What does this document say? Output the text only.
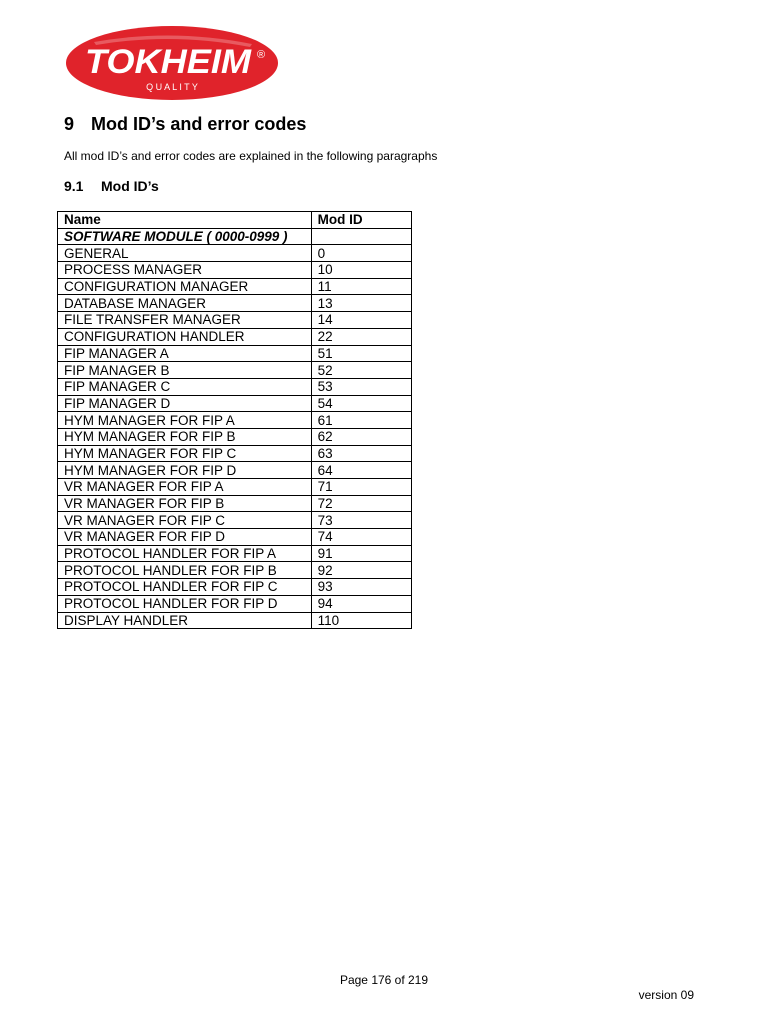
TOKHEIM ®
Q U A L I T Y
9 Mod ID’s and error codes

All mod ID’s and error codes are explained in the following paragraphs

9.1 Mod ID’s
Name	Mod ID
SOFTWARE MODULE ( 0000-0999 )	
GENERAL	0
PROCESS MANAGER	10
CONFIGURATION MANAGER	11
DATABASE MANAGER	13
FILE TRANSFER MANAGER	14
CONFIGURATION HANDLER	22
FIP MANAGER A	51
FIP MANAGER B	52
FIP MANAGER C	53
FIP MANAGER D	54
HYM MANAGER FOR FIP A	61
HYM MANAGER FOR FIP B	62
HYM MANAGER FOR FIP C	63
HYM MANAGER FOR FIP D	64
VR MANAGER FOR FIP A	71
VR MANAGER FOR FIP B	72
VR MANAGER FOR FIP C	73
VR MANAGER FOR FIP D	74
PROTOCOL HANDLER FOR FIP A	91
PROTOCOL HANDLER FOR FIP B	92
PROTOCOL HANDLER FOR FIP C	93
PROTOCOL HANDLER FOR FIP D	94
DISPLAY HANDLER	110

Page 176 of 219

version 09
